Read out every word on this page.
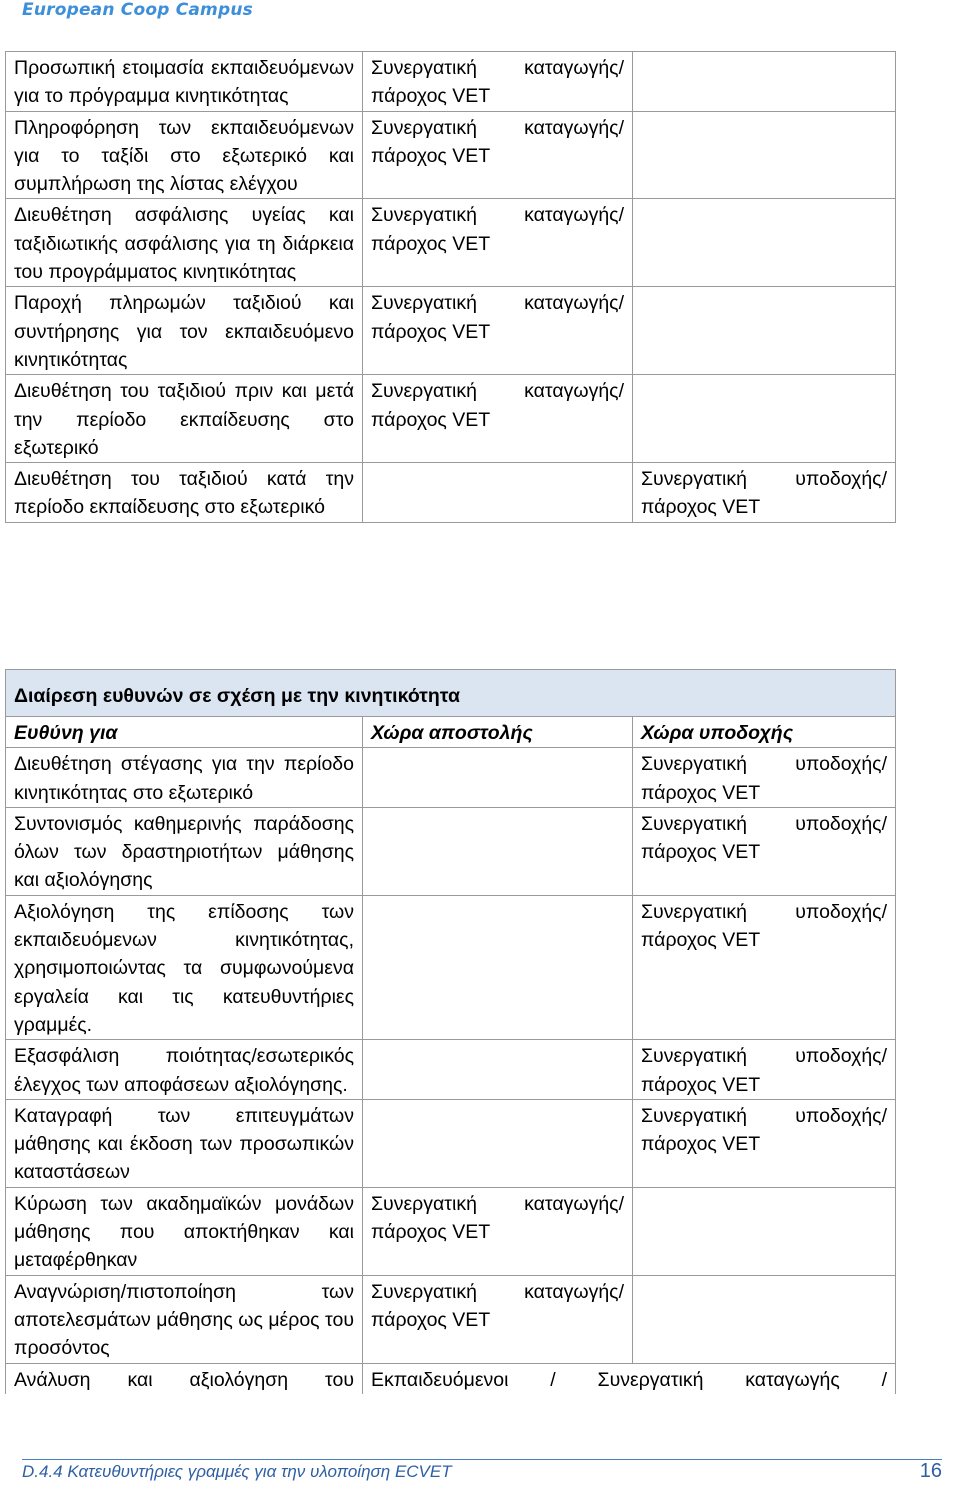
European Coop Campus
Προσωπική ετοιμασία εκπαιδευόμενων για το πρόγραμμα κινητικότητας	Συνεργατική καταγωγής/ πάροχος VET	
Πληροφόρηση των εκπαιδευόμενων για το ταξίδι στο εξωτερικό και συμπλήρωση της λίστας ελέγχου	Συνεργατική καταγωγής/ πάροχος VET	
Διευθέτηση ασφάλισης υγείας και ταξιδιωτικής ασφάλισης για τη διάρκεια του προγράμματος κινητικότητας	Συνεργατική καταγωγής/ πάροχος VET	
Παροχή πληρωμών ταξιδιού και συντήρησης για τον εκπαιδευόμενο κινητικότητας	Συνεργατική καταγωγής/ πάροχος VET	
Διευθέτηση του ταξιδιού πριν και μετά την περίοδο εκπαίδευσης στο εξωτερικό	Συνεργατική καταγωγής/ πάροχος VET	
Διευθέτηση του ταξιδιού κατά την περίοδο εκπαίδευσης στο εξωτερικό		Συνεργατική υποδοχής/ πάροχος VET
Διαίρεση ευθυνών σε σχέση με την κινητικότητα		
Ευθύνη για	Χώρα αποστολής	Χώρα υποδοχής
Διευθέτηση στέγασης για την περίοδο κινητικότητας στο εξωτερικό		Συνεργατική υποδοχής/ πάροχος VET
Συντονισμός καθημερινής παράδοσης όλων των δραστηριοτήτων μάθησης και αξιολόγησης		Συνεργατική υποδοχής/ πάροχος VET
Αξιολόγηση της επίδοσης των εκπαιδευόμενων κινητικότητας, χρησιμοποιώντας τα συμφωνούμενα εργαλεία και τις κατευθυντήριες γραμμές.		Συνεργατική υποδοχής/ πάροχος VET
Εξασφάλιση ποιότητας/εσωτερικός έλεγχος των αποφάσεων αξιολόγησης.		Συνεργατική υποδοχής/ πάροχος VET
Καταγραφή των επιτευγμάτων μάθησης και έκδοση των προσωπικών καταστάσεων		Συνεργατική υποδοχής/ πάροχος VET
Κύρωση των ακαδημαϊκών μονάδων μάθησης που αποκτήθηκαν και μεταφέρθηκαν	Συνεργατική καταγωγής/ πάροχος VET	
Αναγνώριση/πιστοποίηση των αποτελεσμάτων μάθησης ως μέρος του προσόντος	Συνεργατική καταγωγής/ πάροχος VET	
Ανάλυση και αξιολόγηση του	Εκπαιδευόμενοι / Συνεργατική καταγωγής /	
D.4.4 Κατευθυντήριες γραμμές για την υλοποίηση ECVET	16
